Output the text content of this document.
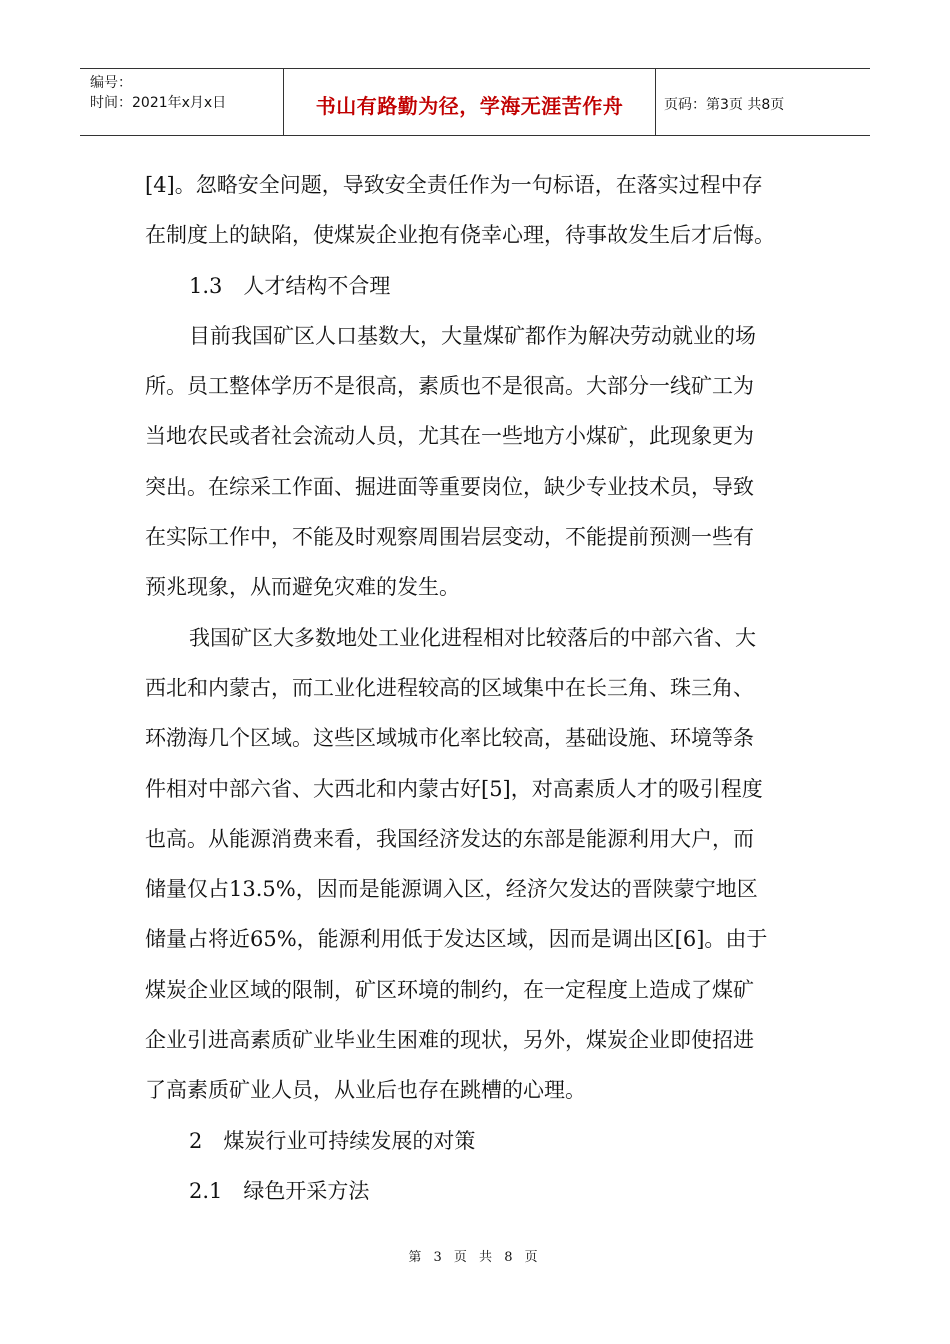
编号：
时间：2021年x月x日	书山有路勤为径，学海无涯苦作舟	页码：第3页 共8页
[4]。忽略安全问题，导致安全责任作为一句标语，在落实过程中存
在制度上的缺陷，使煤炭企业抱有侥幸心理，待事故发生后才后悔。
1.3 人才结构不合理
目前我国矿区人口基数大，大量煤矿都作为解决劳动就业的场
所。员工整体学历不是很高，素质也不是很高。大部分一线矿工为
当地农民或者社会流动人员，尤其在一些地方小煤矿，此现象更为
突出。在综采工作面、掘进面等重要岗位，缺少专业技术员，导致
在实际工作中，不能及时观察周围岩层变动，不能提前预测一些有
预兆现象，从而避免灾难的发生。
我国矿区大多数地处工业化进程相对比较落后的中部六省、大
西北和内蒙古，而工业化进程较高的区域集中在长三角、珠三角、
环渤海几个区域。这些区域城市化率比较高，基础设施、环境等条
件相对中部六省、大西北和内蒙古好[5]，对高素质人才的吸引程度
也高。从能源消费来看，我国经济发达的东部是能源利用大户，而
储量仅占13.5%，因而是能源调入区，经济欠发达的晋陕蒙宁地区
储量占将近65%，能源利用低于发达区域，因而是调出区[6]。由于
煤炭企业区域的限制，矿区环境的制约，在一定程度上造成了煤矿
企业引进高素质矿业毕业生困难的现状，另外，煤炭企业即使招进
了高素质矿业人员，从业后也存在跳槽的心理。
2 煤炭行业可持续发展的对策
2.1 绿色开采方法
第 3 页 共 8 页
